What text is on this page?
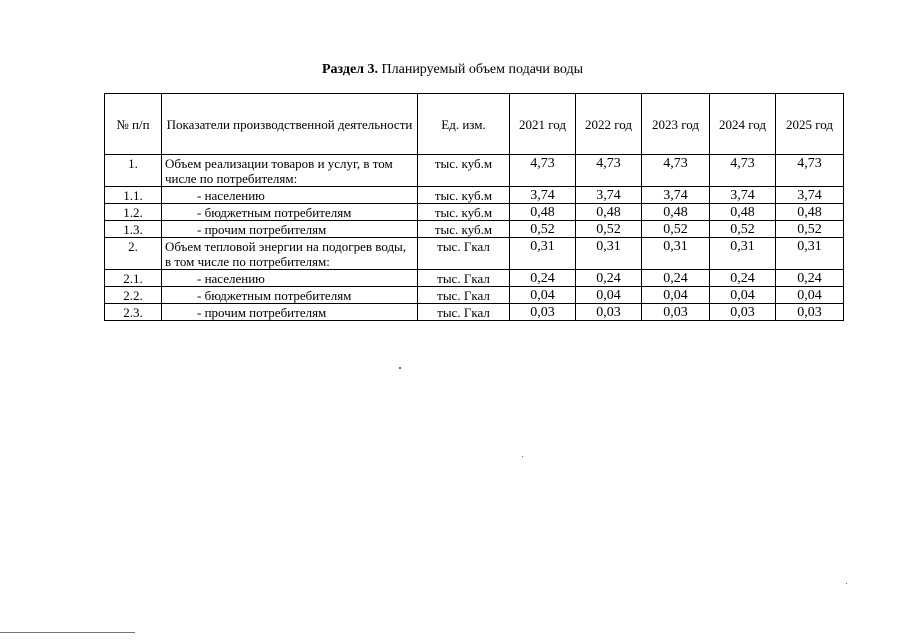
Раздел 3. Планируемый объем подачи воды
№ п/п	Показатели производственной деятельности	Ед. изм.	2021 год	2022 год	2023 год	2024 год	2025 год
1.	Объем реализации товаров и услуг, в том числе по потребителям:	тыс. куб.м	4,73	4,73	4,73	4,73	4,73
1.1.	- населению	тыс. куб.м	3,74	3,74	3,74	3,74	3,74
1.2.	- бюджетным потребителям	тыс. куб.м	0,48	0,48	0,48	0,48	0,48
1.3.	- прочим потребителям	тыс. куб.м	0,52	0,52	0,52	0,52	0,52
2.	Объем тепловой энергии на подогрев воды, в том числе по потребителям:	тыс. Гкал	0,31	0,31	0,31	0,31	0,31
2.1.	- населению	тыс. Гкал	0,24	0,24	0,24	0,24	0,24
2.2.	- бюджетным потребителям	тыс. Гкал	0,04	0,04	0,04	0,04	0,04
2.3.	- прочим потребителям	тыс. Гкал	0,03	0,03	0,03	0,03	0,03
